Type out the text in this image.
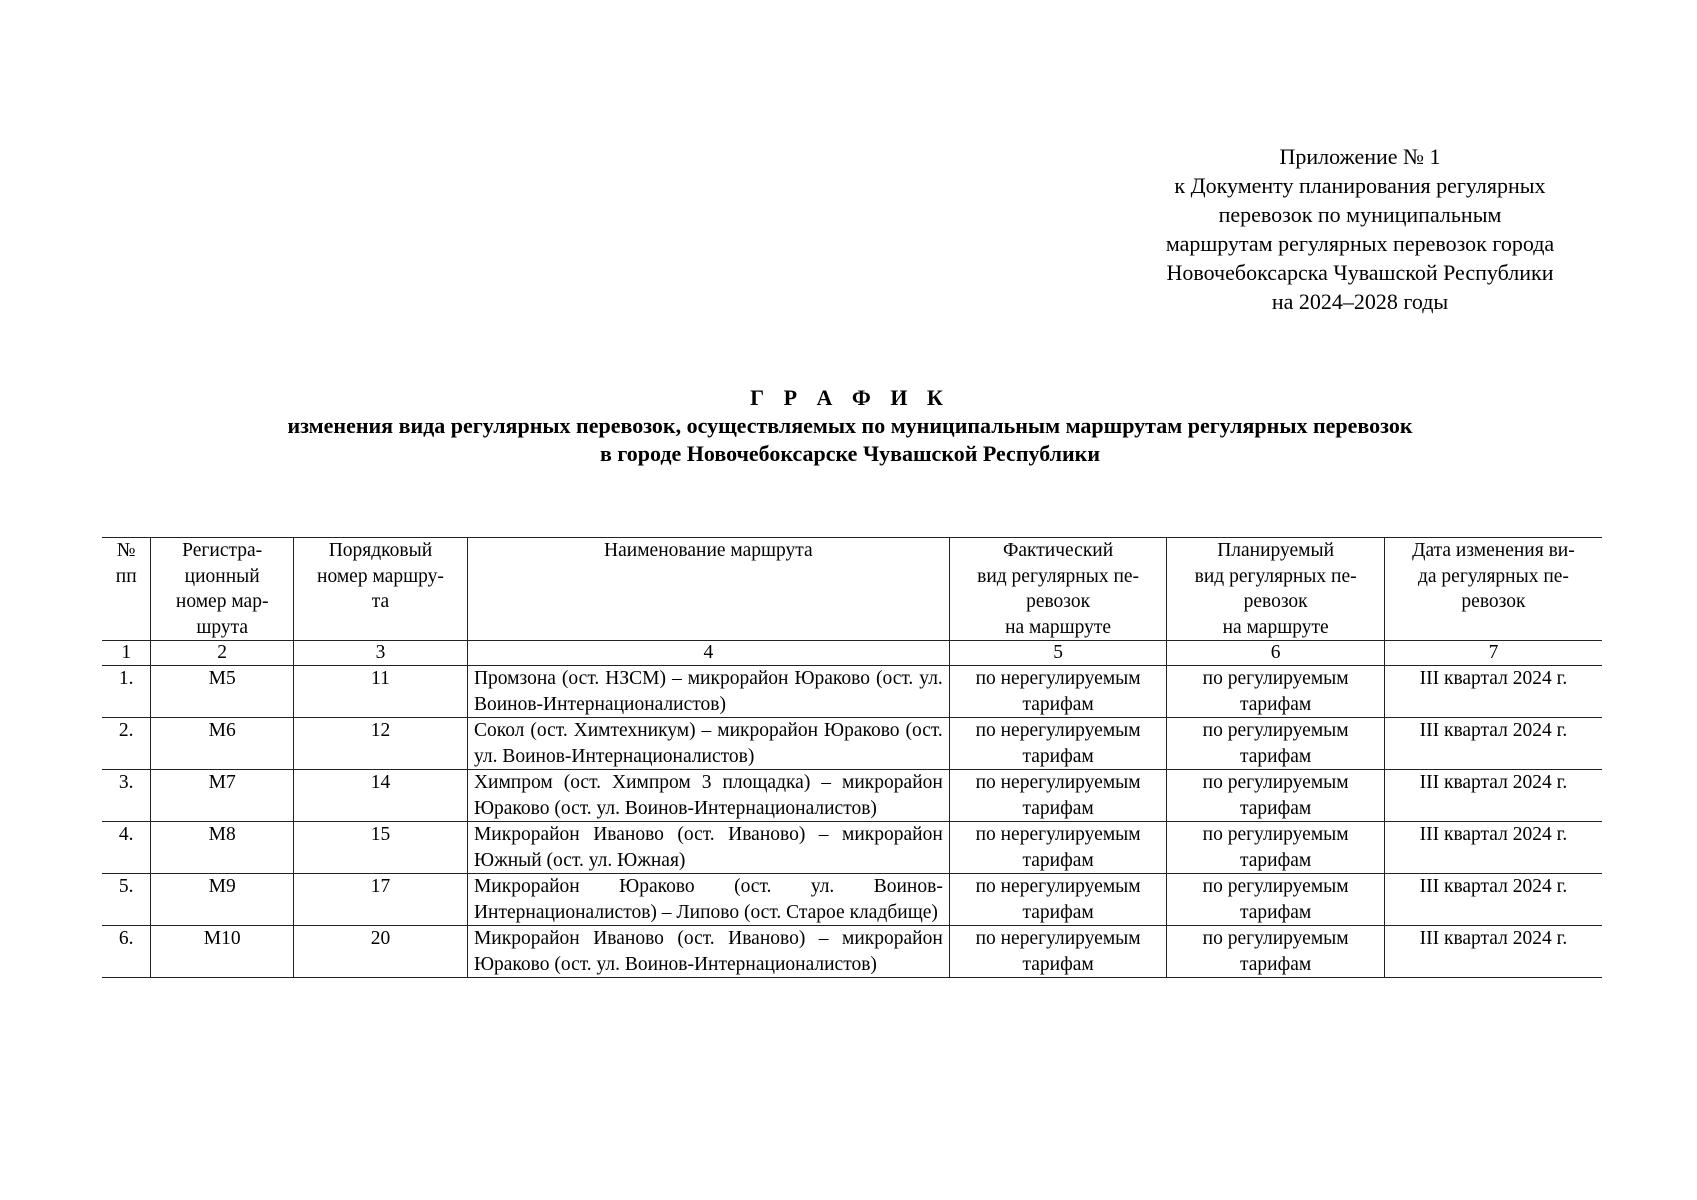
Приложение № 1
к Документу планирования регулярных
перевозок по муниципальным
маршрутам регулярных перевозок города
Новочебоксарска Чувашской Республики
на 2024–2028 годы
Г Р А Ф И К
изменения вида регулярных перевозок, осуществляемых по муниципальным маршрутам регулярных перевозок
в городе Новочебоксарске Чувашской Республики
№
пп	Регистра-
ционный
номер мар-
шрута	Порядковый
номер маршру-
та	Наименование маршрута	Фактический
вид регулярных пе-
ревозок
на маршруте	Планируемый
вид регулярных пе-
ревозок
на маршруте	Дата изменения ви-
да регулярных пе-
ревозок
1	2	3	4	5	6	7
1.	М5	11	Промзона (ост. НЗСМ) – микрорайон Юраково (ост. ул. Воинов-Интернационалистов)	по нерегулируемым
тарифам	по регулируемым
тарифам	III квартал 2024 г.
2.	М6	12	Сокол (ост. Химтехникум) – микрорайон Юраково (ост. ул. Воинов-Интернационалистов)	по нерегулируемым
тарифам	по регулируемым
тарифам	III квартал 2024 г.
3.	М7	14	Химпром (ост. Химпром 3 площадка) – микрорайон Юраково (ост. ул. Воинов-Интернационалистов)	по нерегулируемым
тарифам	по регулируемым
тарифам	III квартал 2024 г.
4.	М8	15	Микрорайон Иваново (ост. Иваново) – микрорайон Южный (ост. ул. Южная)	по нерегулируемым
тарифам	по регулируемым
тарифам	III квартал 2024 г.
5.	М9	17	Микрорайон Юраково (ост. ул. Воинов-Интернационалистов) – Липово (ост. Старое кладбище)	по нерегулируемым
тарифам	по регулируемым
тарифам	III квартал 2024 г.
6.	М10	20	Микрорайон Иваново (ост. Иваново) – микрорайон Юраково (ост. ул. Воинов-Интернационалистов)	по нерегулируемым
тарифам	по регулируемым
тарифам	III квартал 2024 г.
